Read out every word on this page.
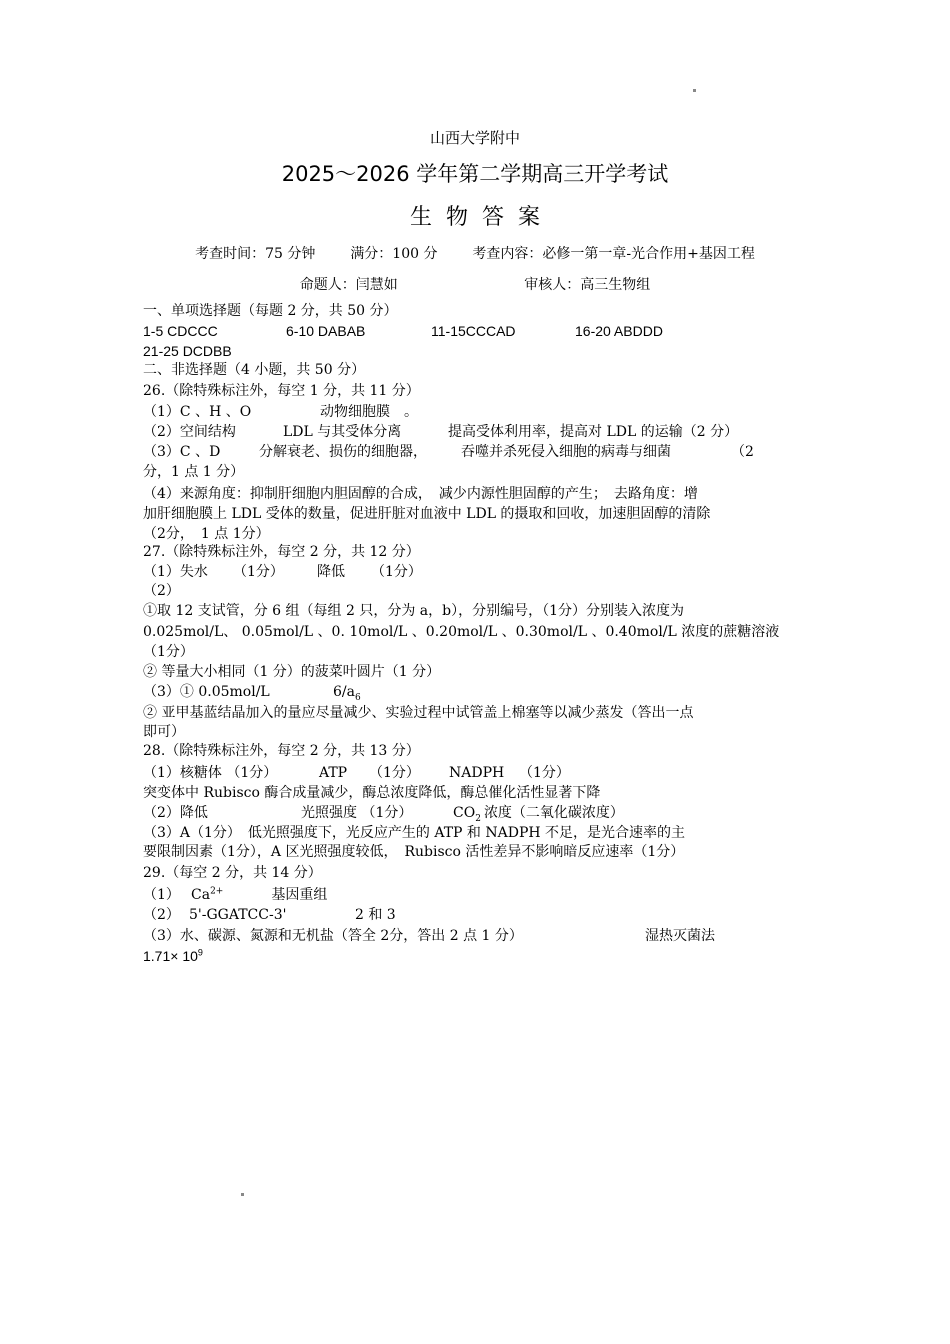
山西大学附中
2025～2026 学年第二学期高三开学考试
生物答案
考查时间：75 分钟 满分：100 分 考查内容：必修一第一章-光合作用+基因工程
命题人：闫慧如	审核人：高三生物组
一、单项选择题（每题 2 分，共 50 分）
1-5 CDCCC	6-10 DABAB	11-15CCCAD	16-20 ABDDD
21-25 DCDBB
二、非选择题（4 小题，共 50 分）
26.（除特殊标注外，每空 1 分，共 11 分）
（1）C 、H 、O	动物细胞膜　。
（2）空间结构	LDL 与其受体分离	提高受体利用率，提高对 LDL 的运输（2 分）
（3）C 、D	分解衰老、损伤的细胞器， 吞噬并杀死侵入细胞的病毒与细菌	（2
分，1 点 1 分）
（4）来源角度：抑制肝细胞内胆固醇的合成，　减少内源性胆固醇的产生；　去路角度：增
加肝细胞膜上 LDL 受体的数量，促进肝脏对血液中 LDL 的摄取和回收，加速胆固醇的清除
（2分，　1 点 1分）
27.（除特殊标注外，每空 2 分，共 12 分）
（1）失水 （1分） 降低 （1分）
（2）
①取 12 支试管，分 6 组（每组 2 只，分为 a，b），分别编号，（1分）分别装入浓度为
0.025mol/L、 0.05mol/L 、0. 10mol/L 、0.20mol/L 、0.30mol/L 、0.40mol/L 浓度的蔗糖溶液
（1分）
② 等量大小相同（1 分）的菠菜叶圆片（1 分）
（3）① 0.05mol/L	$6/a_6$
② 亚甲基蓝结晶加入的量应尽量减少、实验过程中试管盖上棉塞等以减少蒸发（答出一点
即可）
28.（除特殊标注外，每空 2 分，共 13 分）
（1）核糖体 （1分）	ATP （1分） NADPH （1分）
突变体中 Rubisco 酶合成量减少，酶总浓度降低，酶总催化活性显著下降
（2）降低	光照强度 （1分）	$CO_2$ 浓度（二氧化碳浓度）
（3）A（1分）　低光照强度下，光反应产生的 ATP 和 NADPH 不足，是光合速率的主
要限制因素（1分），A 区光照强度较低，　Rubisco 活性差异不影响暗反应速率（1分）
29.（每空 2 分，共 14 分）
（1） $Ca^{2+}$	基因重组
（2） 5'-GGATCC-3'	2 和 3
（3）水、碳源、氮源和无机盐（答全 2分，答出 2 点 1 分）	湿热灭菌法
$1.71\times 10^9$
